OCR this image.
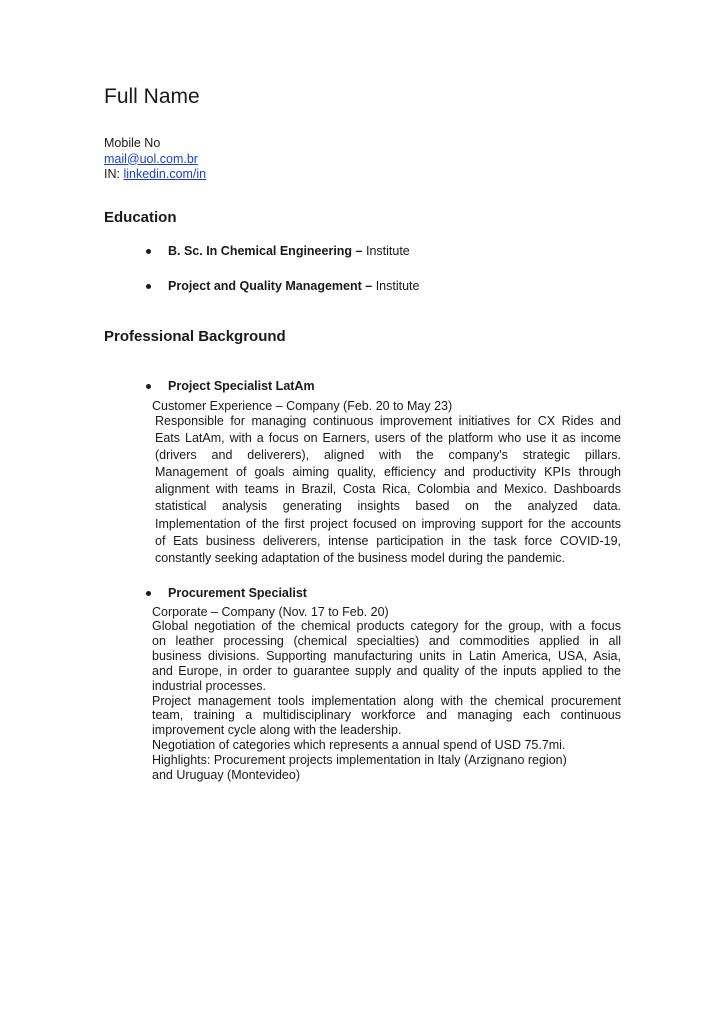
Full Name
Mobile No
mail@uol.com.br
IN: linkedin.com/in
Education
B. Sc. In Chemical Engineering – Institute
Project and Quality Management – Institute
Professional Background
Project Specialist LatAm
Customer Experience – Company (Feb. 20 to May 23)
Responsible for managing continuous improvement initiatives for CX Rides and
Eats LatAm, with a focus on Earners, users of the platform who use it as income
(drivers and deliverers), aligned with the company's strategic pillars.
Management of goals aiming quality, efficiency and productivity KPIs through
alignment with teams in Brazil, Costa Rica, Colombia and Mexico. Dashboards
statistical analysis generating insights based on the analyzed data.
Implementation of the first project focused on improving support for the accounts
of Eats business deliverers, intense participation in the task force COVID-19,
constantly seeking adaptation of the business model during the pandemic.
Procurement Specialist
Corporate – Company (Nov. 17 to Feb. 20)
Global negotiation of the chemical products category for the group, with a focus
on leather processing (chemical specialties) and commodities applied in all
business divisions. Supporting manufacturing units in Latin America, USA, Asia,
and Europe, in order to guarantee supply and quality of the inputs applied to the
industrial processes.
Project management tools implementation along with the chemical procurement
team, training a multidisciplinary workforce and managing each continuous
improvement cycle along with the leadership.
Negotiation of categories which represents a annual spend of USD 75.7mi.
Highlights: Procurement projects implementation in Italy (Arzignano region)
and Uruguay (Montevideo)
